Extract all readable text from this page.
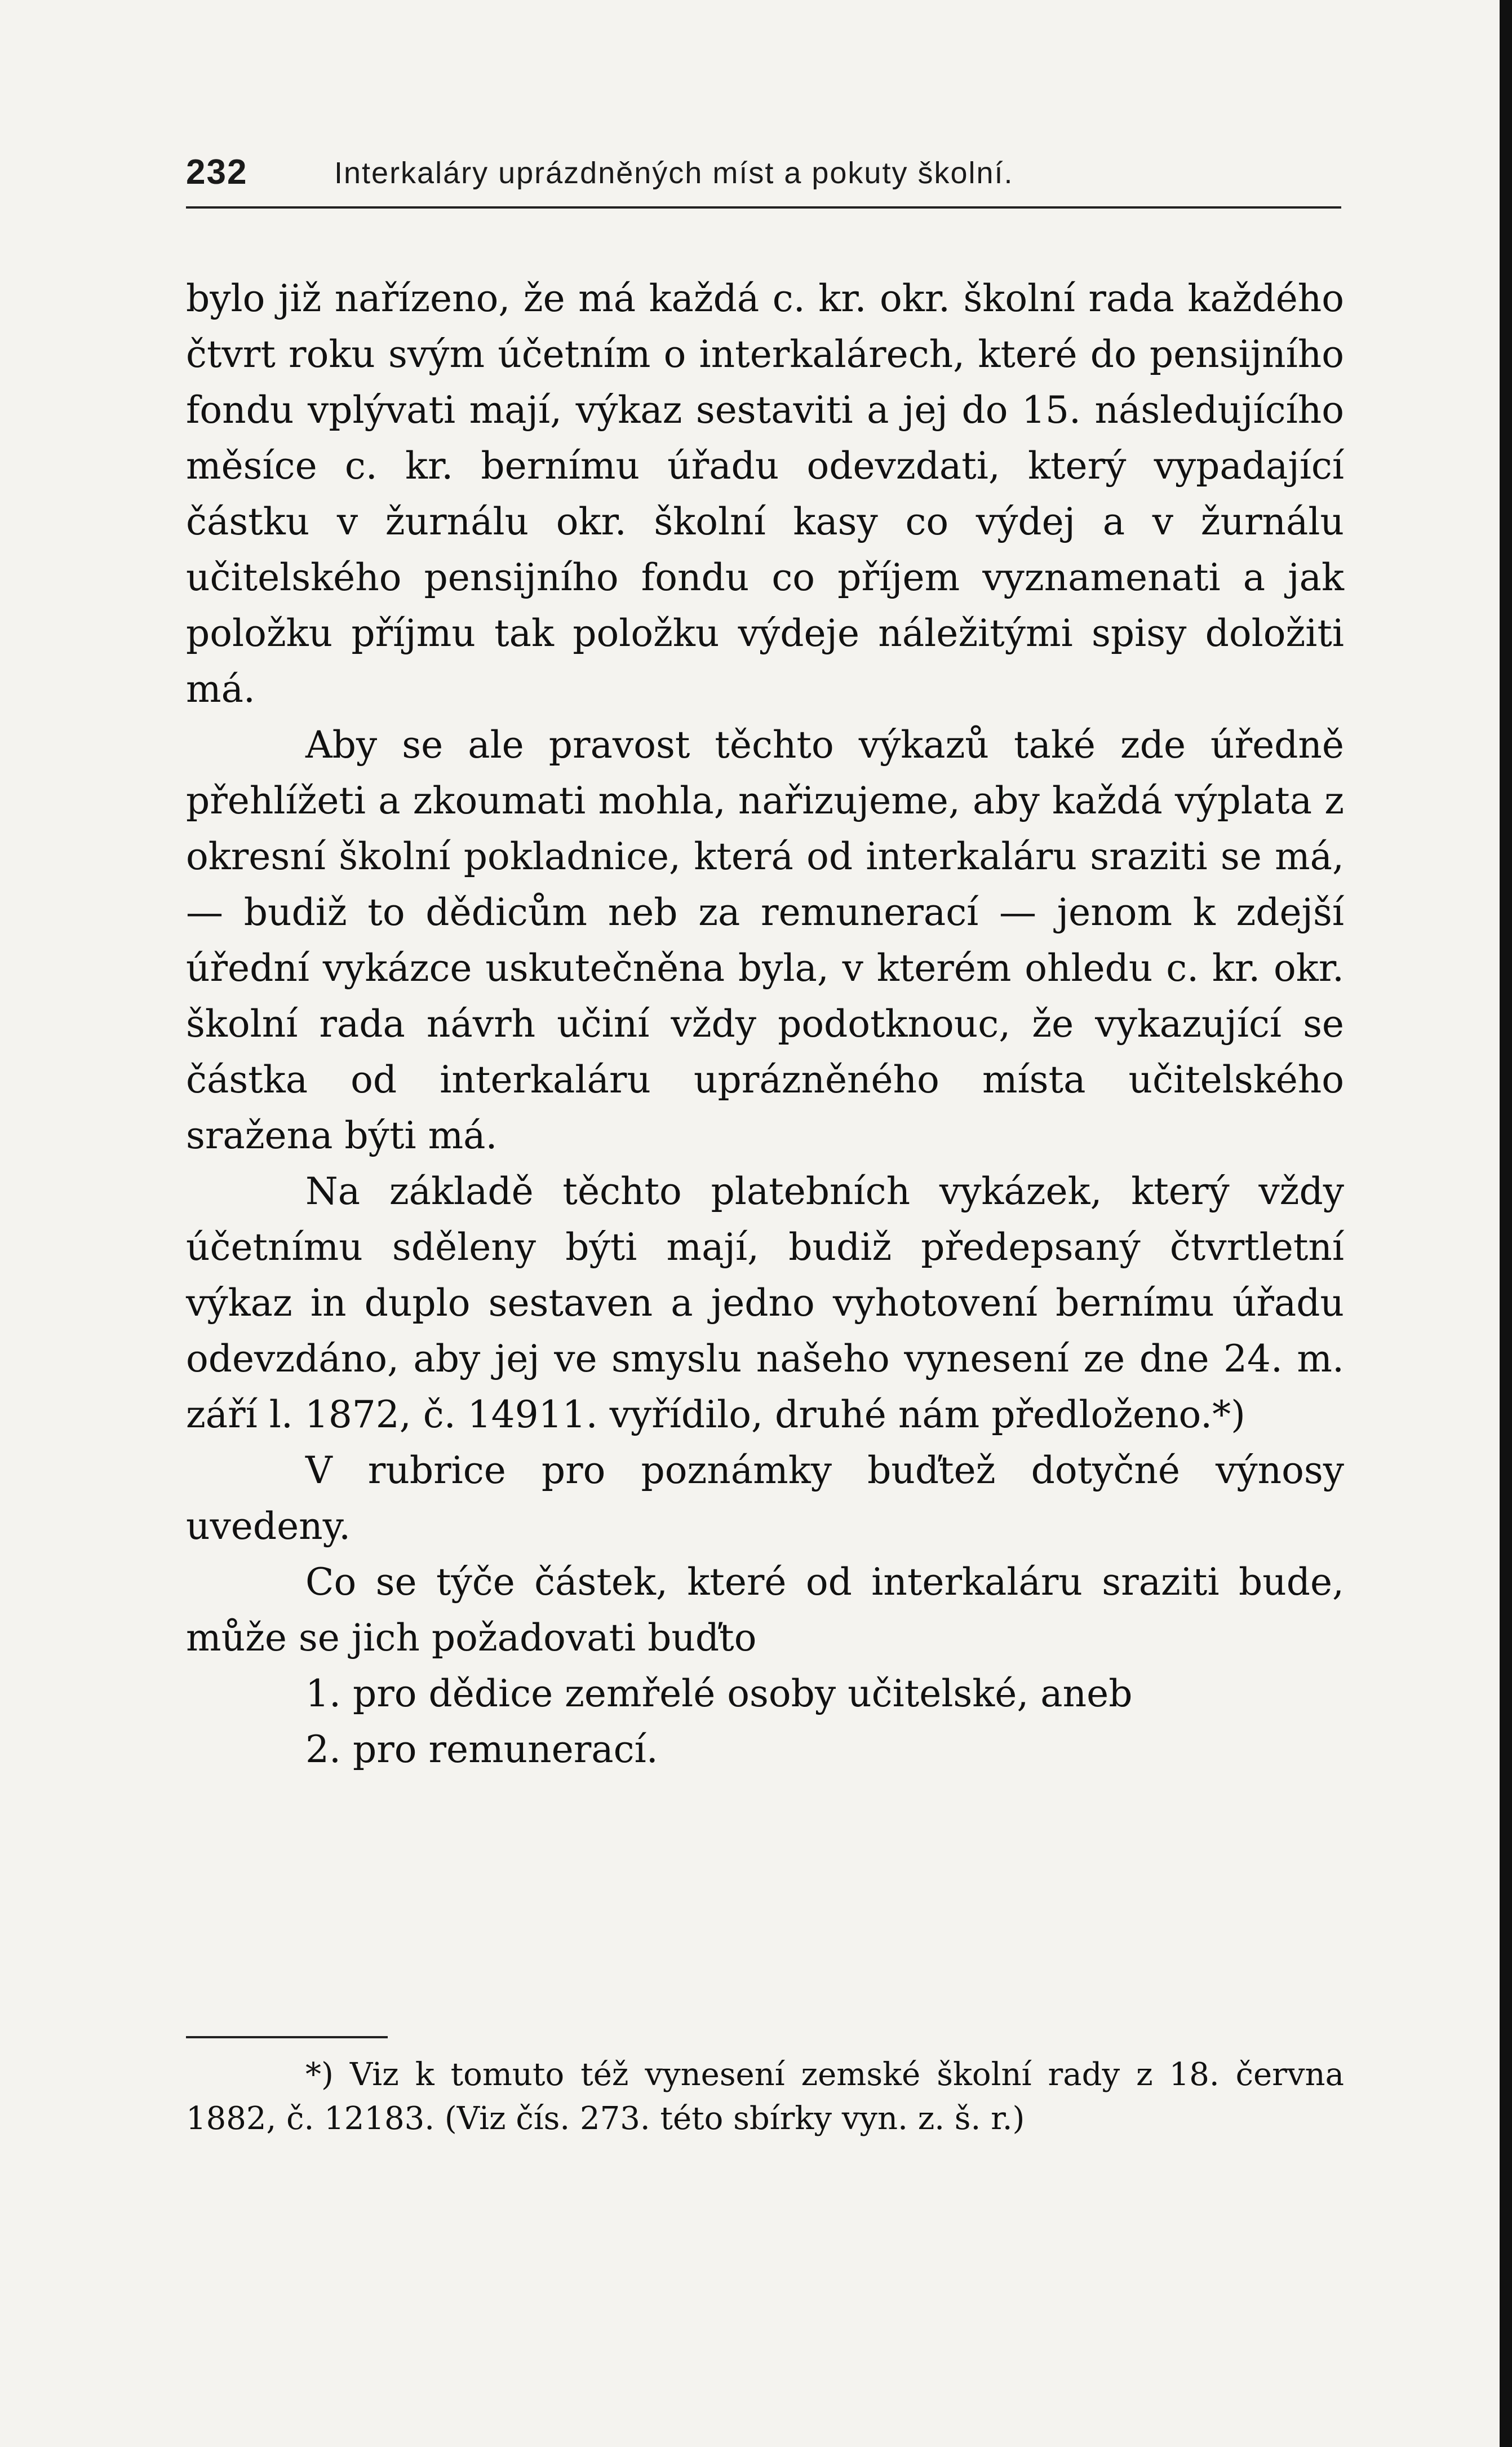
232	Interkaláry uprázdněných míst a pokuty školní.

bylo již nařízeno, že má každá c. kr. okr. školní rada každého čtvrt roku svým účetním o interkalárech, které do pensijního fondu vplývati mají, výkaz sestaviti a jej do 15. následujícího měsíce c. kr. bernímu úřadu odevzdati, který vypadající částku v žurnálu okr. školní kasy co výdej a v žurnálu učitelského pensijního fondu co příjem vyznamenati a jak položku příjmu tak položku výdeje náležitými spisy doložiti má.

Aby se ale pravost těchto výkazů také zde úředně přehlížeti a zkoumati mohla, nařizujeme, aby každá výplata z okresní školní pokladnice, která od interkaláru sraziti se má, — budiž to dědicům neb za remunerací — jenom k zdejší úřední vykázce uskutečněna byla, v kterém ohledu c. kr. okr. školní rada návrh učiní vždy podotknouc, že vykazující se částka od interkaláru uprázněného místa učitelského sražena býti má.

Na základě těchto platebních vykázek, který vždy účetnímu sděleny býti mají, budiž předepsaný čtvrtletní výkaz in duplo sestaven a jedno vyhotovení bernímu úřadu odevzdáno, aby jej ve smyslu našeho vynesení ze dne 24. m. září l. 1872, č. 14911. vyřídilo, druhé nám předloženo.*)

V rubrice pro poznámky buďtež dotyčné výnosy uvedeny.

Co se týče částek, které od interkaláru sraziti bude, může se jich požadovati buďto

1. pro dědice zemřelé osoby učitelské, aneb

2. pro remunerací.

*) Viz k tomuto též vynesení zemské školní rady z 18. června 1882, č. 12183. (Viz čís. 273. této sbírky vyn. z. š. r.)
